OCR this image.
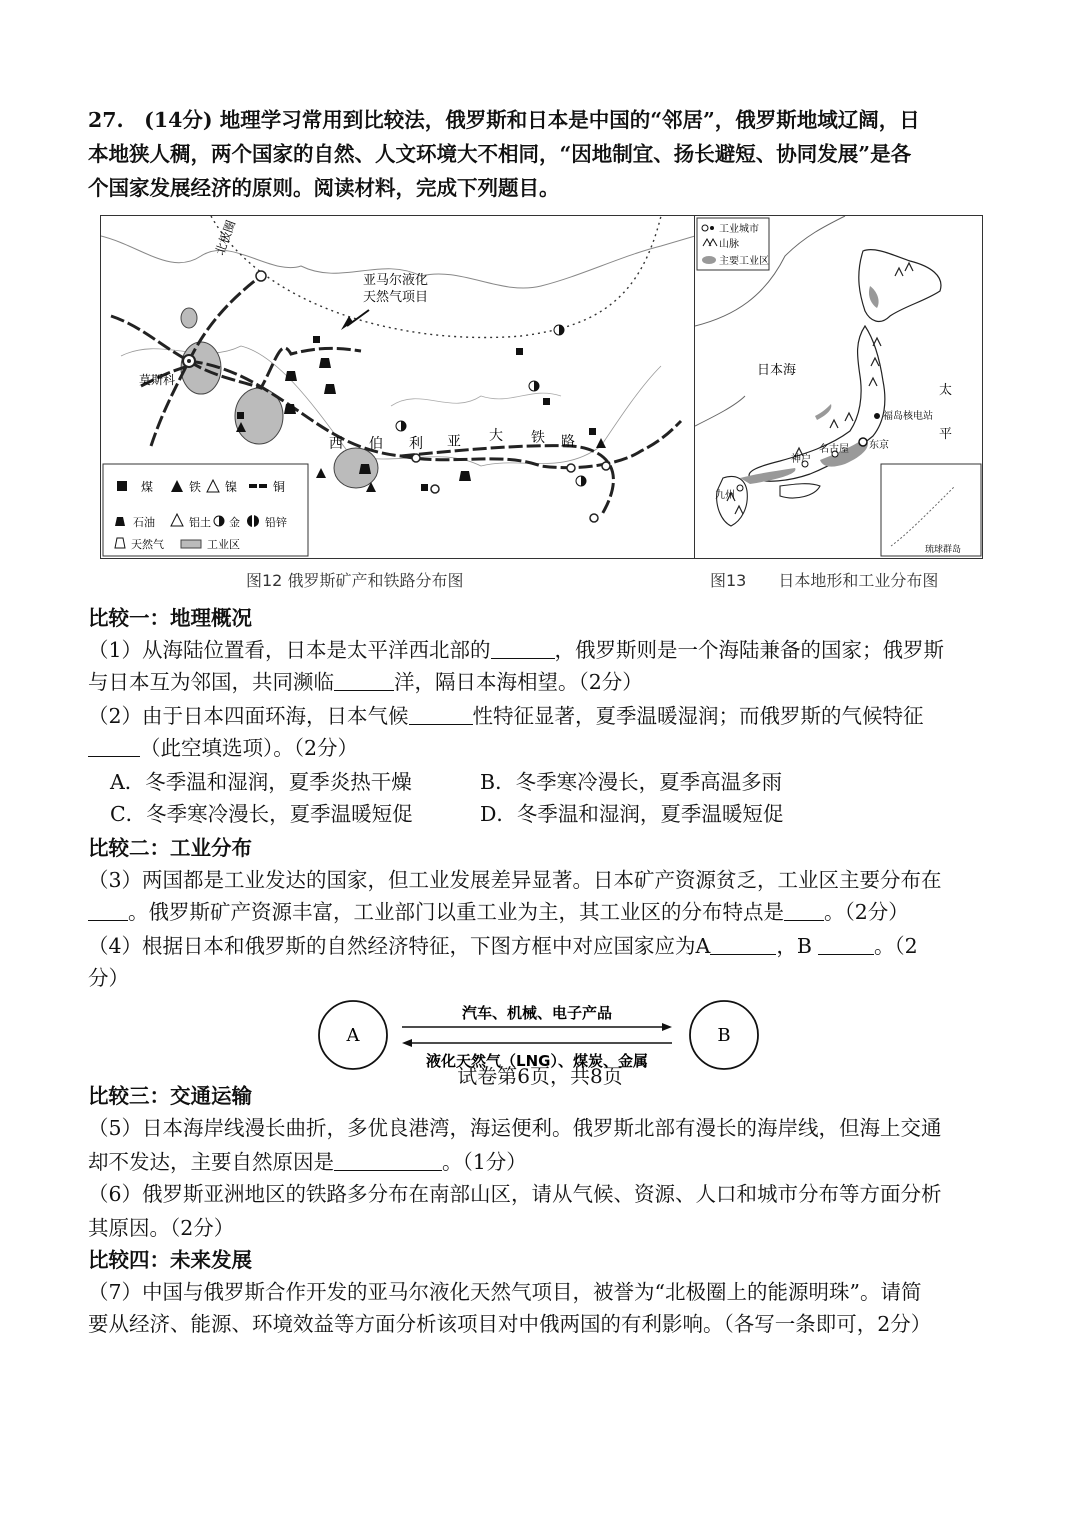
27.　(14分) 地理学习常用到比较法，俄罗斯和日本是中国的“邻居”，俄罗斯地域辽阔，日
本地狭人稠，两个国家的自然、人文环境大不相同，“因地制宜、扬长避短、协同发展”是各
个国家发展经济的原则。阅读材料，完成下列题目。
北极圈
亚马尔液化
天然气项目
莫斯科
西 伯 利 亚 大 铁 路
煤	铁 镍	铜
石油	铝土 金 铅锌
天然气	工业区
图12 俄罗斯矿产和铁路分布图
福岛核电站
东京
名古屋
神户
九州
日本海
太
平
工业城市
山脉
主要工业区
琉球群岛
图13　　日本地形和工业分布图
比较一：地理概况
（1）从海陆位置看，日本是太平洋西北部的	，俄罗斯则是一个海陆兼备的国家；俄罗斯
与日本互为邻国，共同濒临	洋，隔日本海相望。（2分）
（2）由于日本四面环海，日本气候	性特征显著，夏季温暖湿润；而俄罗斯的气候特征
（此空填选项）。（2分）
A．冬季温和湿润，夏季炎热干燥	B．冬季寒冷漫长，夏季高温多雨
C．冬季寒冷漫长，夏季温暖短促	D．冬季温和湿润，夏季温暖短促
比较二：工业分布
（3）两国都是工业发达的国家，但工业发展差异显著。日本矿产资源贫乏，工业区主要分布在
。俄罗斯矿产资源丰富，工业部门以重工业为主，其工业区的分布特点是 。（2分）
（4）根据日本和俄罗斯的自然经济特征，下图方框中对应国家应为A	，B	。（2
分）
A	B
汽车、机械、电子产品
液化天然气（LNG）、煤炭、金属
比较三：交通运输
（5）日本海岸线漫长曲折，多优良港湾，海运便利。俄罗斯北部有漫长的海岸线，但海上交通
却不发达，主要自然原因是	。（1分）
（6）俄罗斯亚洲地区的铁路多分布在南部山区，请从气候、资源、人口和城市分布等方面分析
其原因。（2分）
比较四：未来发展
（7）中国与俄罗斯合作开发的亚马尔液化天然气项目，被誉为“北极圈上的能源明珠”。请简
要从经济、能源、环境效益等方面分析该项目对中俄两国的有利影响。（各写一条即可，2分）
试卷第6页，共8页
